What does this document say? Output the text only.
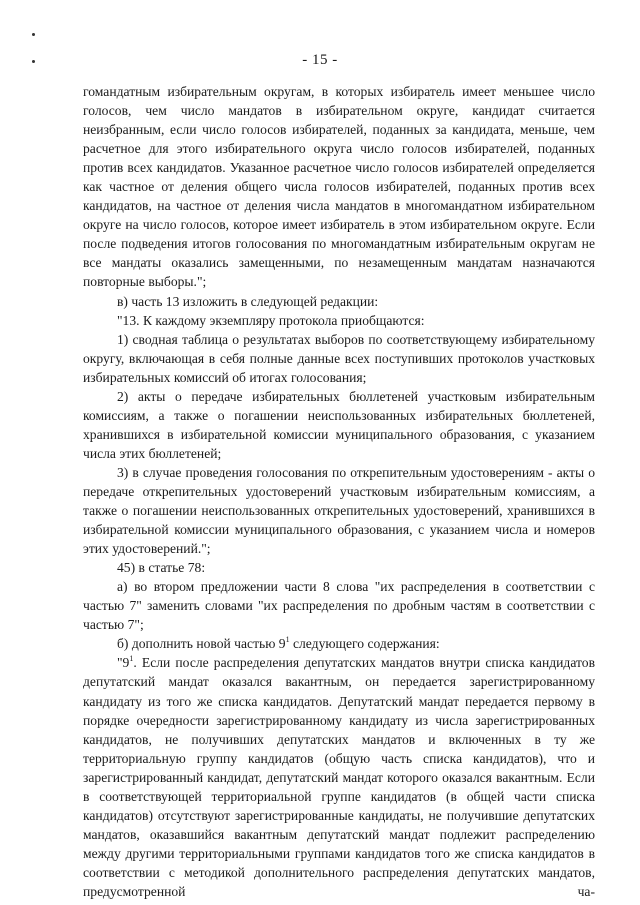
- 15 -

гомандатным избирательным округам, в которых избиратель имеет меньшее число голосов, чем число мандатов в избирательном округе, кандидат считается неизбранным, если число голосов избирателей, поданных за кандидата, меньше, чем расчетное для этого избирательного округа число голосов избирателей, поданных против всех кандидатов. Указанное расчетное число голосов избирателей определяется как частное от деления общего числа голосов избирателей, поданных против всех кандидатов, на частное от деления числа мандатов в многомандатном избирательном округе на число голосов, которое имеет избиратель в этом избирательном округе. Если после подведения итогов голосования по многомандатным избирательным округам не все мандаты оказались замещенными, по незамещенным мандатам назначаются повторные выборы.";

в) часть 13 изложить в следующей редакции:

"13. К каждому экземпляру протокола приобщаются:

1) сводная таблица о результатах выборов по соответствующему избирательному округу, включающая в себя полные данные всех поступивших протоколов участковых избирательных комиссий об итогах голосования;

2) акты о передаче избирательных бюллетеней участковым избирательным комиссиям, а также о погашении неиспользованных избирательных бюллетеней, хранившихся в избирательной комиссии муниципального образования, с указанием числа этих бюллетеней;

3) в случае проведения голосования по открепительным удостоверениям - акты о передаче открепительных удостоверений участковым избирательным комиссиям, а также о погашении неиспользованных открепительных удостоверений, хранившихся в избирательной комиссии муниципального образования, с указанием числа и номеров этих удостоверений.";

45) в статье 78:

а) во втором предложении части 8 слова "их распределения в соответствии с частью 7" заменить словами "их распределения по дробным частям в соответствии с частью 7";

б) дополнить новой частью $9^1$ следующего содержания:

"$9^1$. Если после распределения депутатских мандатов внутри списка кандидатов депутатский мандат оказался вакантным, он передается зарегистрированному кандидату из того же списка кандидатов. Депутатский мандат передается первому в порядке очередности зарегистрированному кандидату из числа зарегистрированных кандидатов, не получивших депутатских мандатов и включенных в ту же территориальную группу кандидатов (общую часть списка кандидатов), что и зарегистрированный кандидат, депутатский мандат которого оказался вакантным. Если в соответствующей территориальной группе кандидатов (в общей части списка кандидатов) отсутствуют зарегистрированные кандидаты, не получившие депутатских мандатов, оказавшийся вакантным депутатский мандат подлежит распределению между другими территориальными группами кандидатов того же списка кандидатов в соответствии с методикой дополнительного распределения депутатских мандатов, предусмотренной ча-
